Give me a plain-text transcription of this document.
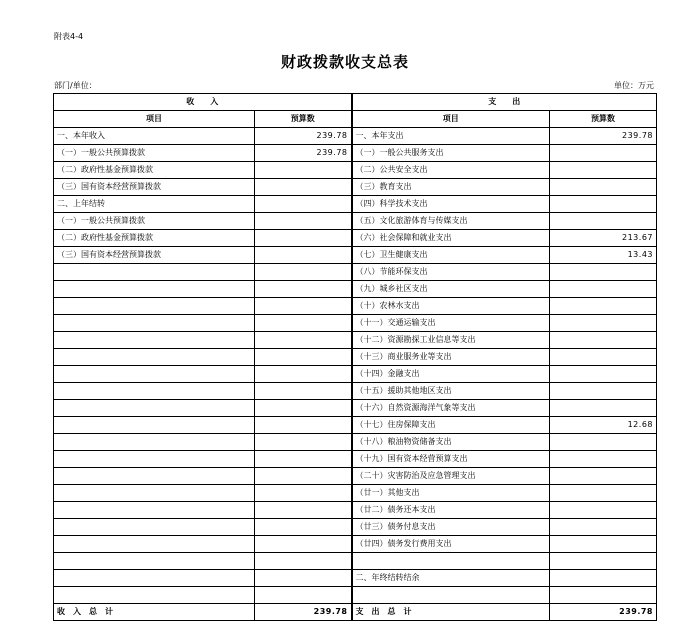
附表4-4
财政拨款收支总表
部门/单位：	单位：万元
收　　入		支　　出	
项目	预算数	项目	预算数
一、本年收入	239.78	一、本年支出	239.78
（一）一般公共预算拨款	239.78	（一）一般公共服务支出	
（二）政府性基金预算拨款		（二）公共安全支出	
（三）国有资本经营预算拨款		（三）教育支出	
二、上年结转		（四）科学技术支出	
（一）一般公共预算拨款		（五）文化旅游体育与传媒支出	
（二）政府性基金预算拨款		（六）社会保障和就业支出	213.67
（三）国有资本经营预算拨款		（七）卫生健康支出	13.43
		（八）节能环保支出	
		（九）城乡社区支出	
		（十）农林水支出	
		（十一）交通运输支出	
		（十二）资源勘探工业信息等支出	
		（十三）商业服务业等支出	
		（十四）金融支出	
		（十五）援助其他地区支出	
		（十六）自然资源海洋气象等支出	
		（十七）住房保障支出	12.68
		（十八）粮油物资储备支出	
		（十九）国有资本经营预算支出	
		（二十）灾害防治及应急管理支出	
		（廿一）其他支出	
		（廿二）债务还本支出	
		（廿三）债务付息支出	
		（廿四）债务发行费用支出	

		二、年终结转结余	

收　入　总　计	239.78	支　出　总　计	239.78
